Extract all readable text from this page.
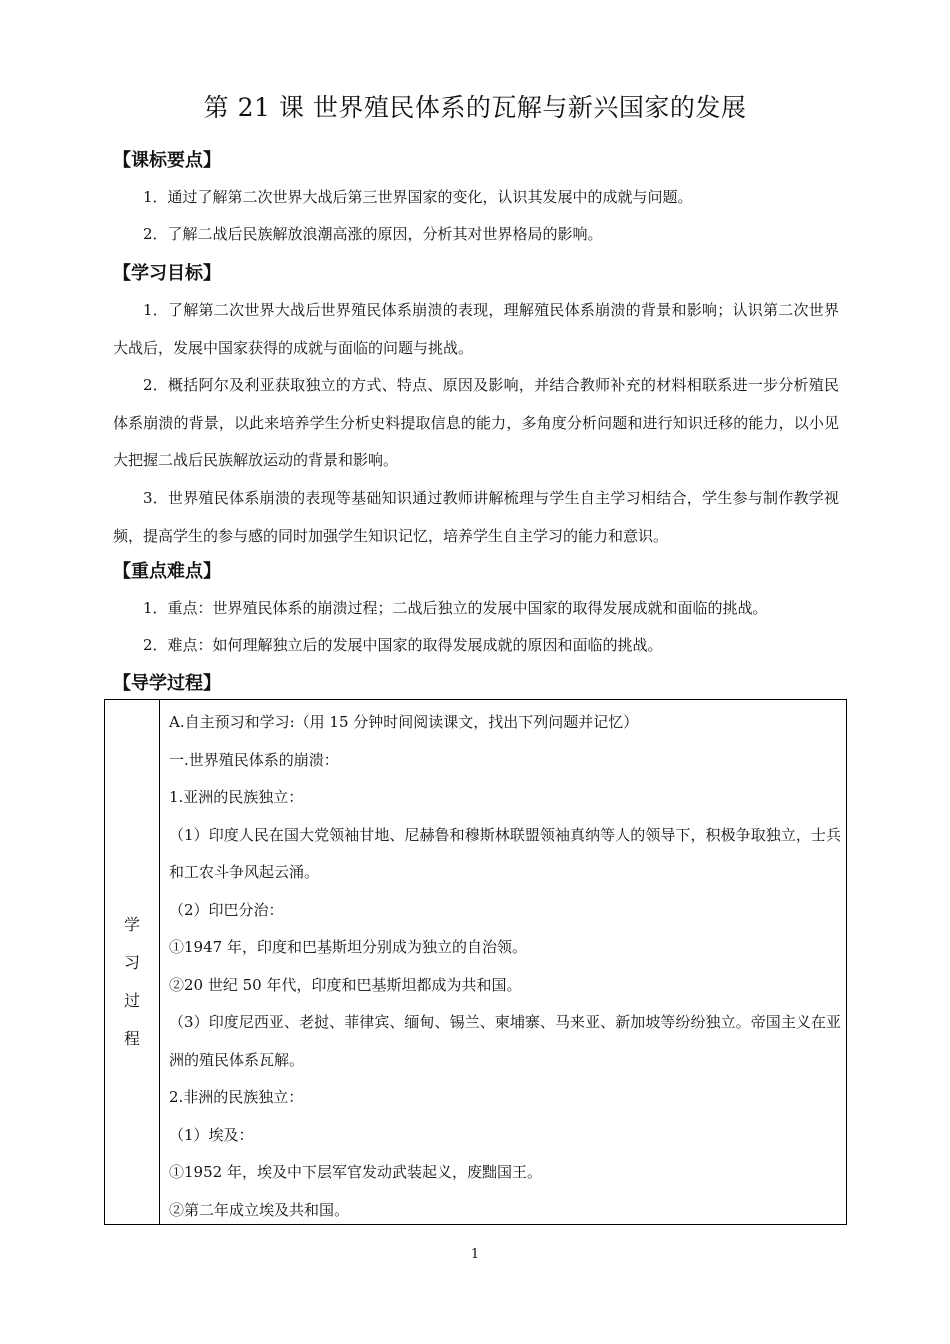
第 21 课 世界殖民体系的瓦解与新兴国家的发展
【课标要点】
1．通过了解第二次世界大战后第三世界国家的变化，认识其发展中的成就与问题。
2．了解二战后民族解放浪潮高涨的原因，分析其对世界格局的影响。
【学习目标】
1．了解第二次世界大战后世界殖民体系崩溃的表现，理解殖民体系崩溃的背景和影响；认识第二次世界大战后，发展中国家获得的成就与面临的问题与挑战。
2．概括阿尔及利亚获取独立的方式、特点、原因及影响，并结合教师补充的材料相联系进一步分析殖民体系崩溃的背景，以此来培养学生分析史料提取信息的能力，多角度分析问题和进行知识迁移的能力，以小见大把握二战后民族解放运动的背景和影响。
3．世界殖民体系崩溃的表现等基础知识通过教师讲解梳理与学生自主学习相结合，学生参与制作教学视频，提高学生的参与感的同时加强学生知识记忆，培养学生自主学习的能力和意识。
【重点难点】
1．重点：世界殖民体系的崩溃过程；二战后独立的发展中国家的取得发展成就和面临的挑战。
2．难点：如何理解独立后的发展中国家的取得发展成就的原因和面临的挑战。
【导学过程】
学
习
过
程
A.自主预习和学习:（用 15 分钟时间阅读课文，找出下列问题并记忆）
一.世界殖民体系的崩溃：
1.亚洲的民族独立：
（1）印度人民在国大党领袖甘地、尼赫鲁和穆斯林联盟领袖真纳等人的领导下，积极争取独立，士兵和工农斗争风起云涌。
（2）印巴分治：
①1947 年，印度和巴基斯坦分别成为独立的自治领。
②20 世纪 50 年代，印度和巴基斯坦都成为共和国。
（3）印度尼西亚、老挝、菲律宾、缅甸、锡兰、柬埔寨、马来亚、新加坡等纷纷独立。帝国主义在亚洲的殖民体系瓦解。
2.非洲的民族独立：
（1）埃及：
①1952 年，埃及中下层军官发动武装起义，废黜国王。
②第二年成立埃及共和国。
1
